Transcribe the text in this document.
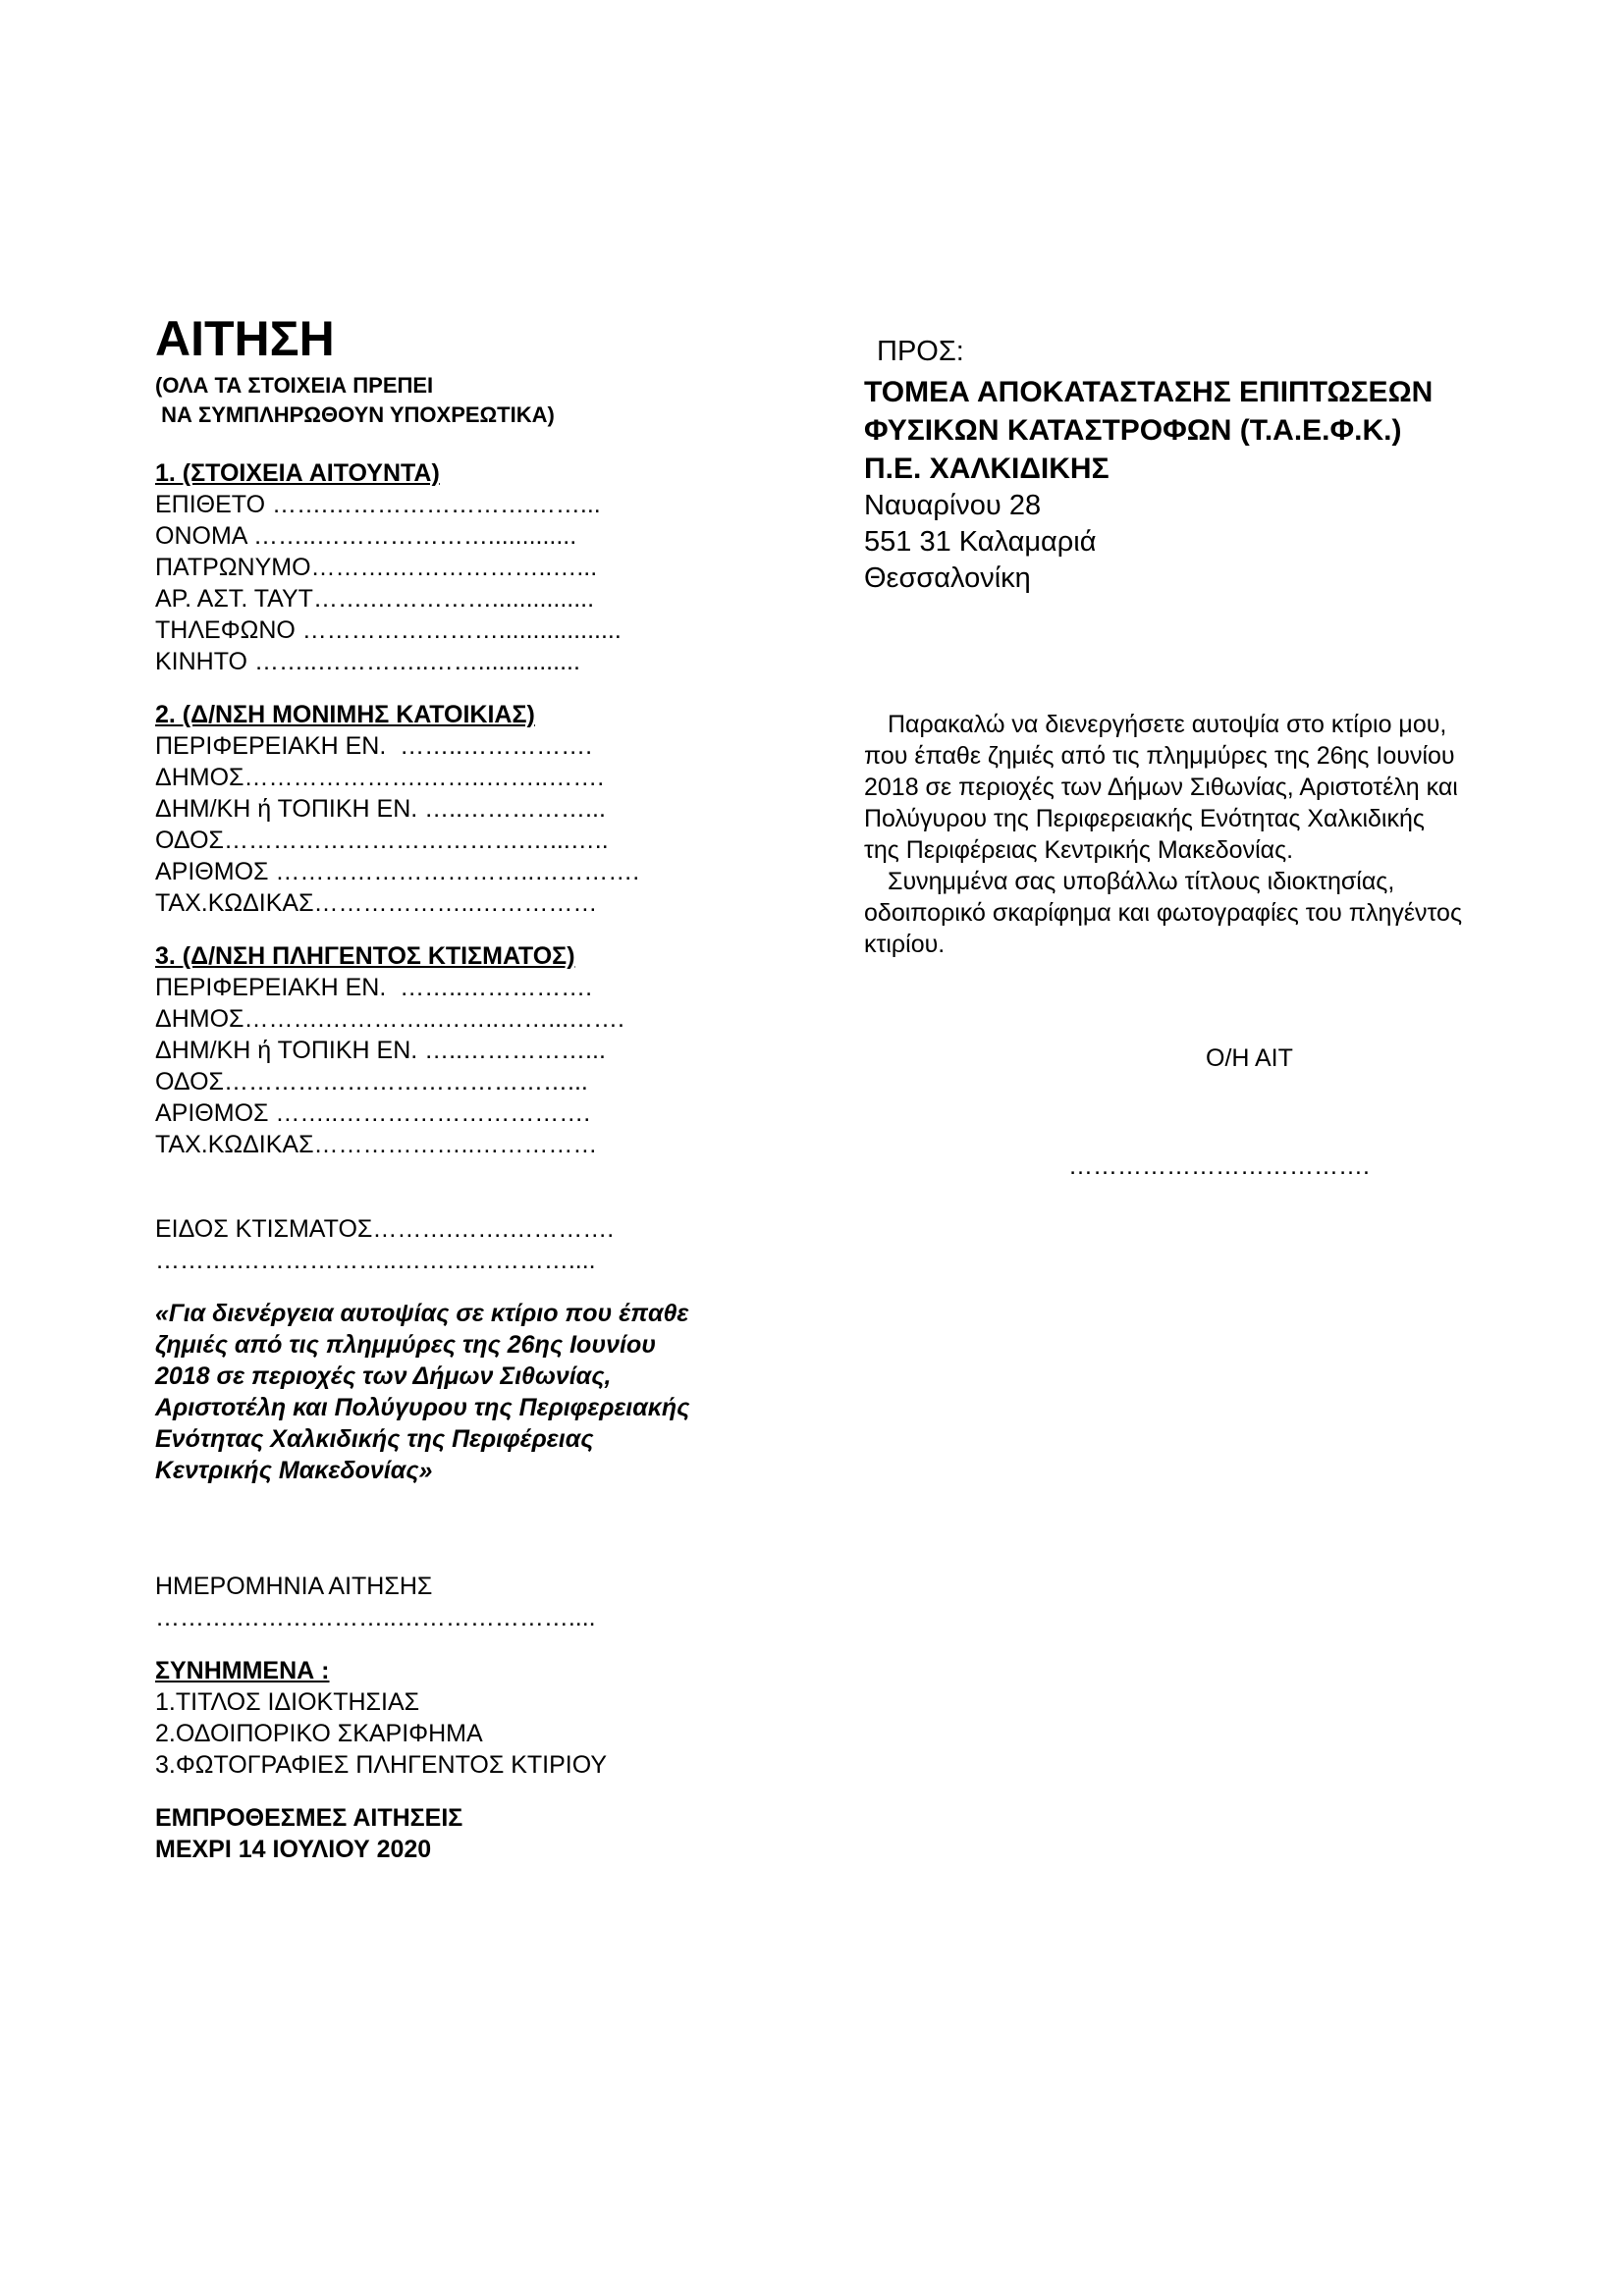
ΑΙΤΗΣΗ

(ΟΛΑ ΤΑ ΣΤΟΙΧΕΙΑ ΠΡΕΠΕΙ

ΝΑ ΣΥΜΠΛΗΡΩΘΟΥΝ ΥΠΟΧΡΕΩΤΙΚΑ)

1. (ΣΤΟΙΧΕΙΑ ΑΙΤΟΥΝΤΑ)

ΕΠΙΘΕΤΟ …….…………………….……...

ΟΝΟΜΑ ……..………………….............

ΠΑΤΡΩΝΥΜΟ……….………………..…...

ΑΡ. ΑΣΤ. ΤΑΥΤ…….……………...............

ΤΗΛΕΦΩΝΟ ……………………..................

ΚΙΝΗΤΟ ……..…………..……...............

2. (Δ/ΝΣΗ ΜΟΝΙΜΗΣ ΚΑΤΟΙΚΙΑΣ)

ΠΕΡΙΦΕΡΕΙΑΚΗ ΕΝ.  ……..…………….

ΔΗΜΟΣ………………….……..……..…….

ΔΗΜ/ΚΗ ή ΤΟΠΙΚΗ ΕΝ. …..……………...

ΟΔΟΣ……………………………….…...…..

ΑΡΙΘΜΟΣ …………………………..………….

ΤΑΧ.ΚΩΔΙΚΑΣ………………..……………

3. (Δ/ΝΣΗ ΠΛΗΓΕΝΤΟΣ ΚΤΙΣΜΑΤΟΣ)

ΠΕΡΙΦΕΡΕΙΑΚΗ ΕΝ.  ……..…………….

ΔΗΜΟΣ……….…………..……..……...…….

ΔΗΜ/ΚΗ ή ΤΟΠΙΚΗ ΕΝ. …..……………...

ΟΔΟΣ……………………………………...

ΑΡΙΘΜΟΣ ……..………………………….

ΤΑΧ.ΚΩΔΙΚΑΣ………………..……………

ΕΙΔΟΣ ΚΤΙΣΜΑΤΟΣ……….…….………….

……….………………..…………………....

«Για διενέργεια αυτοψίας σε κτίριο που έπαθε

ζημιές από τις πλημμύρες της 26ης Ιουνίου

2018 σε περιοχές των Δήμων Σιθωνίας,

Αριστοτέλη και Πολύγυρου της Περιφερειακής

Ενότητας Χαλκιδικής της Περιφέρειας

Κεντρικής Μακεδονίας»

ΗΜΕΡΟΜΗΝΙΑ ΑΙΤΗΣΗΣ

……….………………..…………………....

ΣΥΝΗΜΜΕΝΑ :

1.ΤΙΤΛΟΣ ΙΔΙΟΚΤΗΣΙΑΣ

2.ΟΔΟΙΠΟΡΙΚΟ ΣΚΑΡΙΦΗΜΑ

3.ΦΩΤΟΓΡΑΦΙΕΣ ΠΛΗΓΕΝΤΟΣ ΚΤΙΡΙΟΥ

ΕΜΠΡΟΘΕΣΜΕΣ ΑΙΤΗΣΕΙΣ

ΜΕΧΡΙ 14 ΙΟΥΛΙΟΥ 2020

ΠΡΟΣ:

ΤΟΜΕΑ ΑΠΟΚΑΤΑΣΤΑΣΗΣ ΕΠΙΠΤΩΣΕΩΝ

ΦΥΣΙΚΩΝ ΚΑΤΑΣΤΡΟΦΩΝ (Τ.Α.Ε.Φ.Κ.)

Π.Ε. ΧΑΛΚΙΔΙΚΗΣ

Ναυαρίνου 28

551 31 Καλαμαριά

Θεσσαλονίκη

Παρακαλώ να διενεργήσετε αυτοψία στο κτίριο μου,

που έπαθε ζημιές από τις πλημμύρες της 26ης Ιουνίου

2018 σε περιοχές των Δήμων Σιθωνίας, Αριστοτέλη και

Πολύγυρου της Περιφερειακής Ενότητας Χαλκιδικής

της Περιφέρειας Κεντρικής Μακεδονίας.

Συνημμένα σας υποβάλλω τίτλους ιδιοκτησίας,

οδοιπορικό σκαρίφημα και φωτογραφίες του πληγέντος

κτιρίου.

Ο/Η ΑΙΤ

……………………………….
